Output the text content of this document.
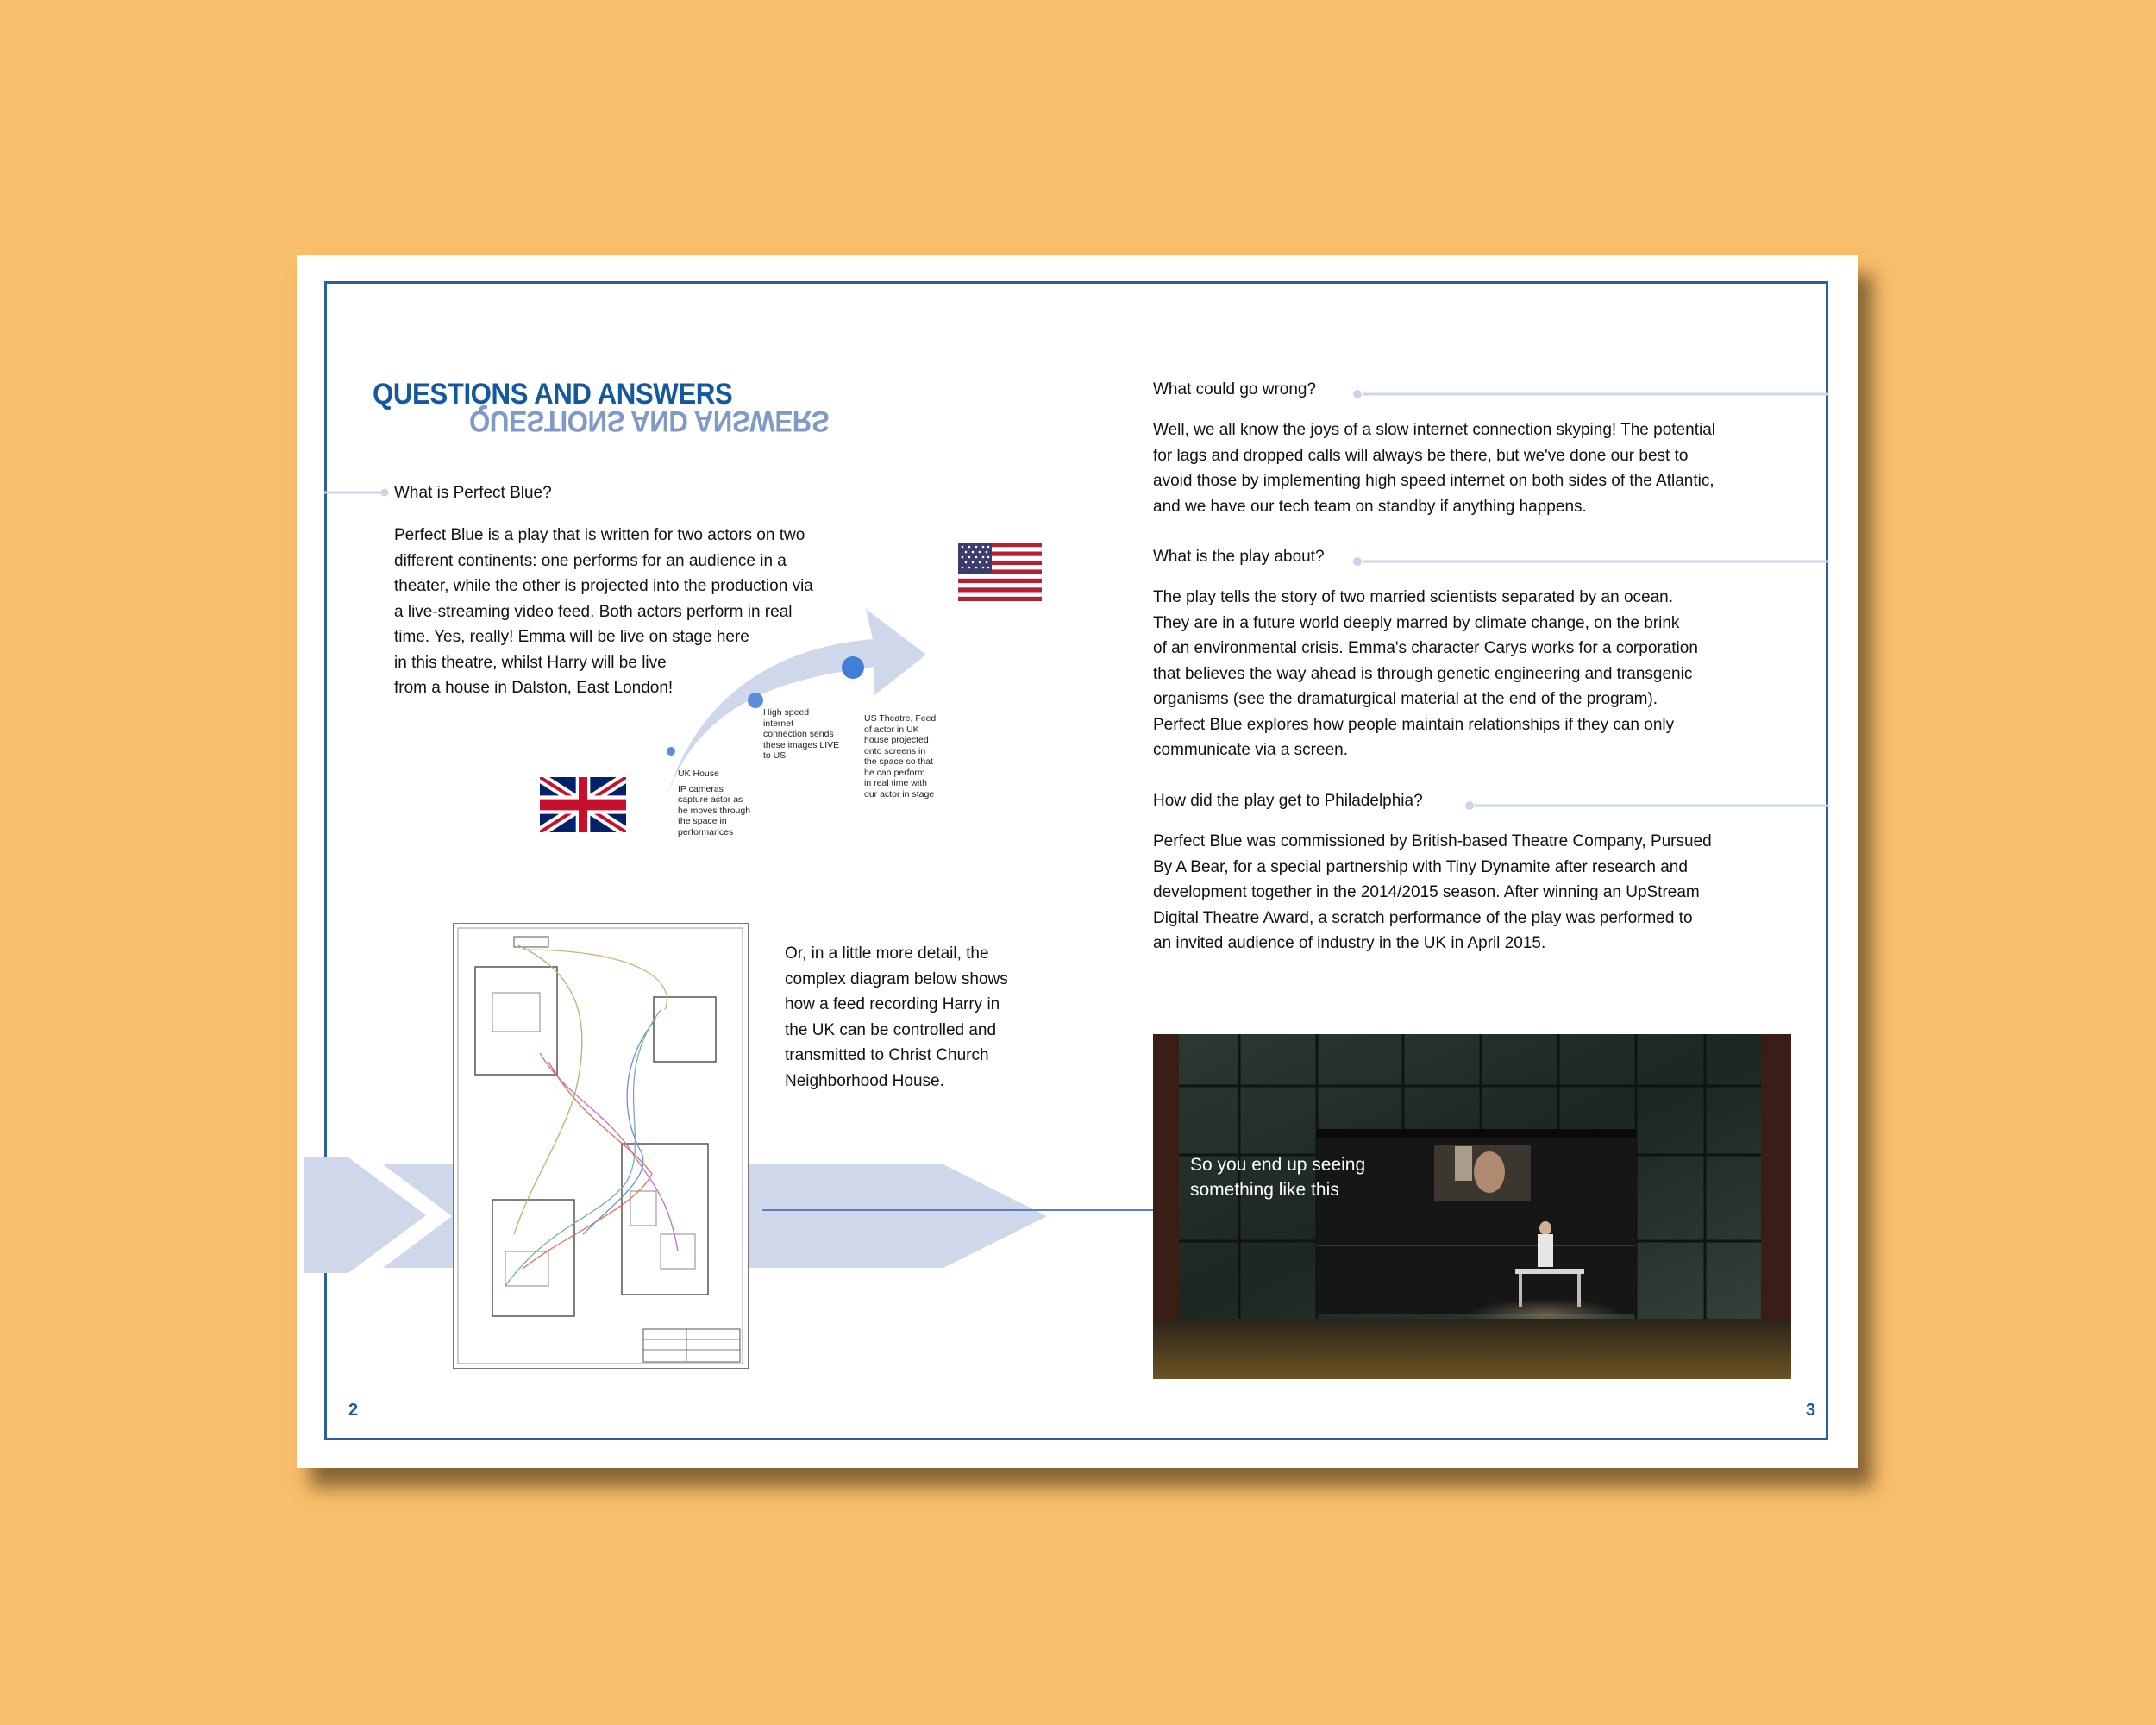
QUESTIONS AND ANSWERS
QUESTIONS AND ANSWERS
What is Perfect Blue?
Perfect Blue is a play that is written for two actors on two
different continents: one performs for an audience in a
theater, while the other is projected into the production via
a live-streaming video feed. Both actors perform in real
time. Yes, really! Emma will be live on stage here
in this theatre, whilst Harry will be live
from a house in Dalston, East London!
UK House
IP cameras
capture actor as
he moves through
the space in
performances
High speed
internet
connection sends
these images LIVE
to US
US Theatre, Feed
of actor in UK
house projected
onto screens in
the space so that
he can perform
in real time with
our actor in stage
Or, in a little more detail, the
complex diagram below shows
how a feed recording Harry in
the UK can be controlled and
transmitted to Christ Church
Neighborhood House.
2
What could go wrong?
Well, we all know the joys of a slow internet connection skyping! The potential
for lags and dropped calls will always be there, but we've done our best to
avoid those by implementing high speed internet on both sides of the Atlantic,
and we have our tech team on standby if anything happens.
What is the play about?
The play tells the story of two married scientists separated by an ocean.
They are in a future world deeply marred by climate change, on the brink
of an environmental crisis. Emma's character Carys works for a corporation
that believes the way ahead is through genetic engineering and transgenic
organisms (see the dramaturgical material at the end of the program).
Perfect Blue explores how people maintain relationships if they can only
communicate via a screen.
How did the play get to Philadelphia?
Perfect Blue was commissioned by British-based Theatre Company, Pursued
By A Bear, for a special partnership with Tiny Dynamite after research and
development together in the 2014/2015 season. After winning an UpStream
Digital Theatre Award, a scratch performance of the play was performed to
an invited audience of industry in the UK in April 2015.
So you end up seeing
something like this
3
